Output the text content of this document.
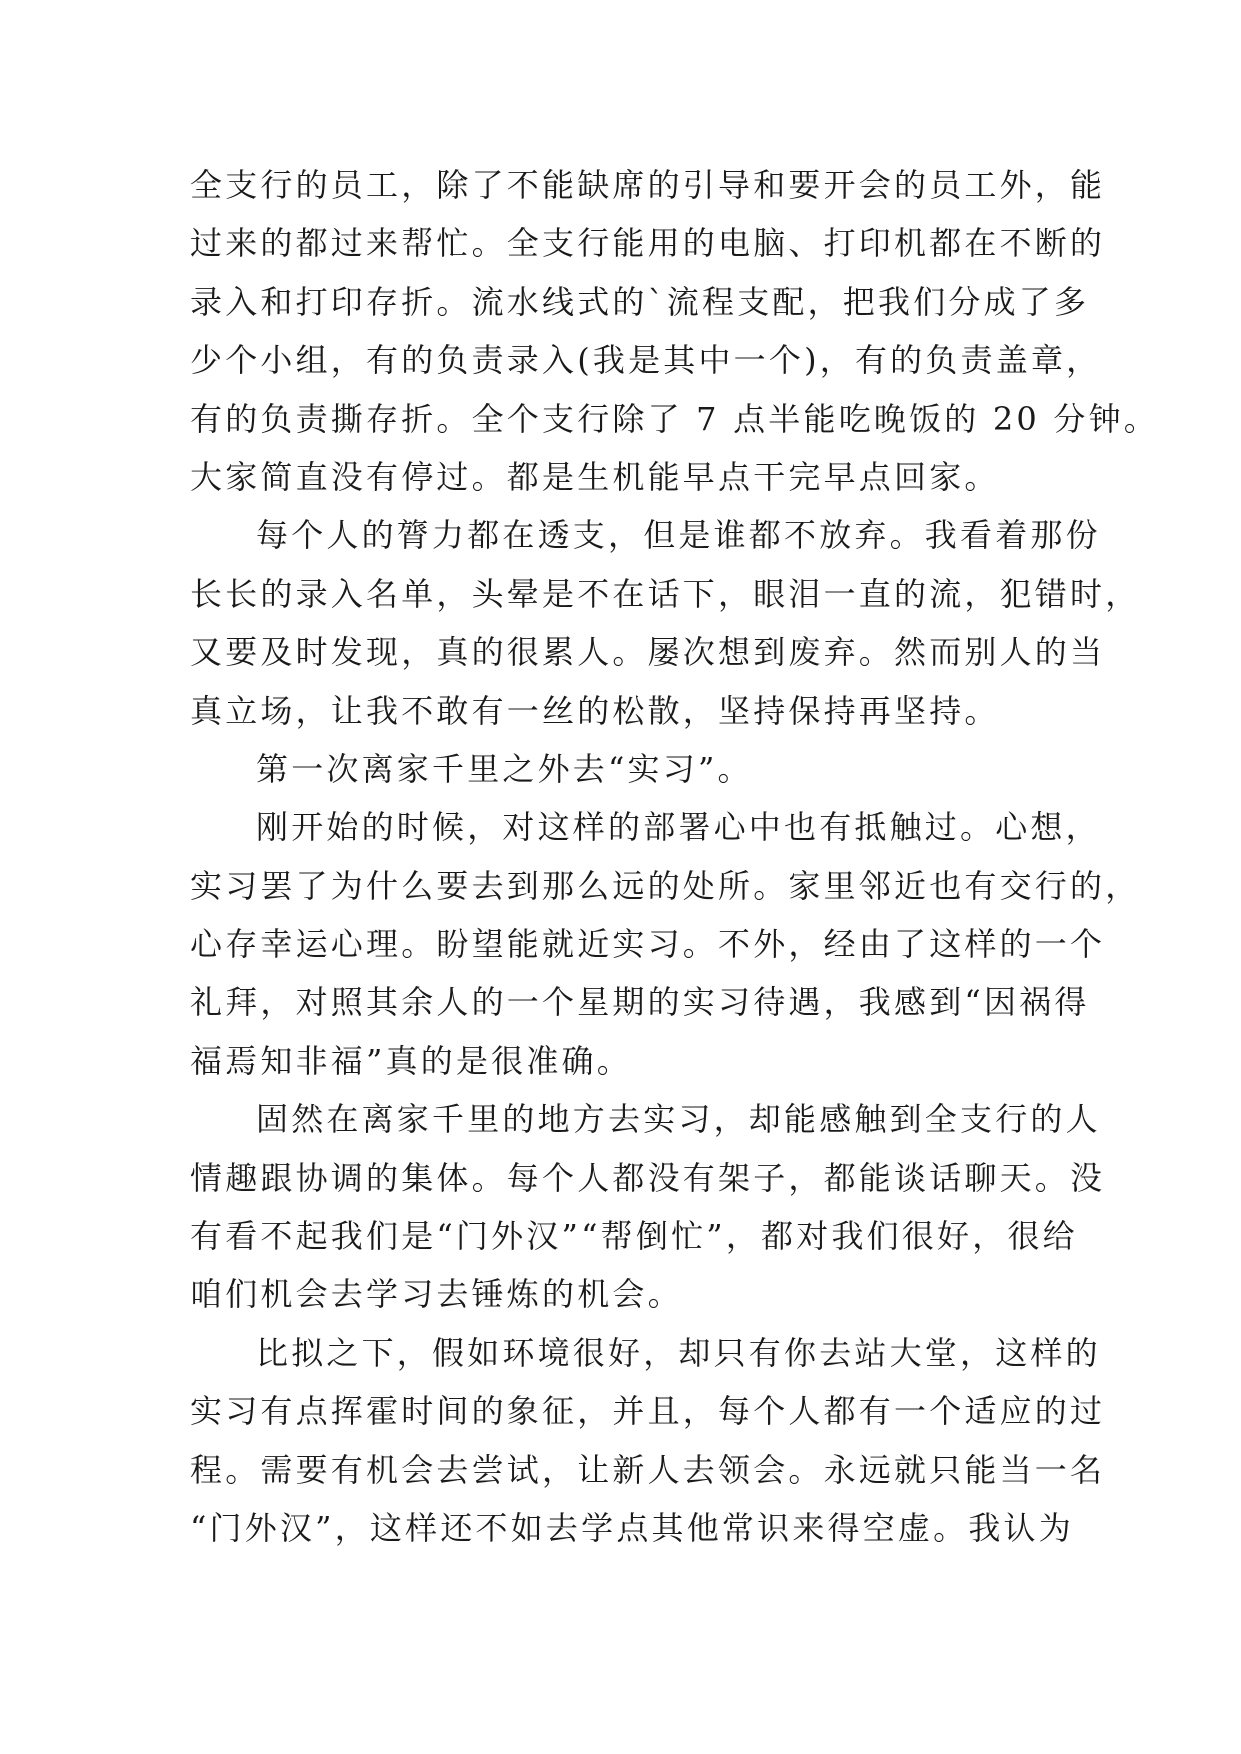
全支行的员工，除了不能缺席的引导和要开会的员工外，能
过来的都过来帮忙。全支行能用的电脑、打印机都在不断的
录入和打印存折。流水线式的`流程支配，把我们分成了多
少个小组，有的负责录入(我是其中一个)，有的负责盖章，
有的负责撕存折。全个支行除了 7 点半能吃晚饭的 20 分钟。
大家简直没有停过。都是生机能早点干完早点回家。
每个人的膂力都在透支，但是谁都不放弃。我看着那份
长长的录入名单，头晕是不在话下，眼泪一直的流，犯错时，
又要及时发现，真的很累人。屡次想到废弃。然而别人的当
真立场，让我不敢有一丝的松散，坚持保持再坚持。
第一次离家千里之外去“实习”。
刚开始的时候，对这样的部署心中也有抵触过。心想，
实习罢了为什么要去到那么远的处所。家里邻近也有交行的，
心存幸运心理。盼望能就近实习。不外，经由了这样的一个
礼拜，对照其余人的一个星期的实习待遇，我感到“因祸得
福焉知非福”真的是很准确。
固然在离家千里的地方去实习，却能感触到全支行的人
情趣跟协调的集体。每个人都没有架子，都能谈话聊天。没
有看不起我们是“门外汉”“帮倒忙”，都对我们很好，很给
咱们机会去学习去锤炼的机会。
比拟之下，假如环境很好，却只有你去站大堂，这样的
实习有点挥霍时间的象征，并且，每个人都有一个适应的过
程。需要有机会去尝试，让新人去领会。永远就只能当一名
“门外汉”，这样还不如去学点其他常识来得空虚。我认为
